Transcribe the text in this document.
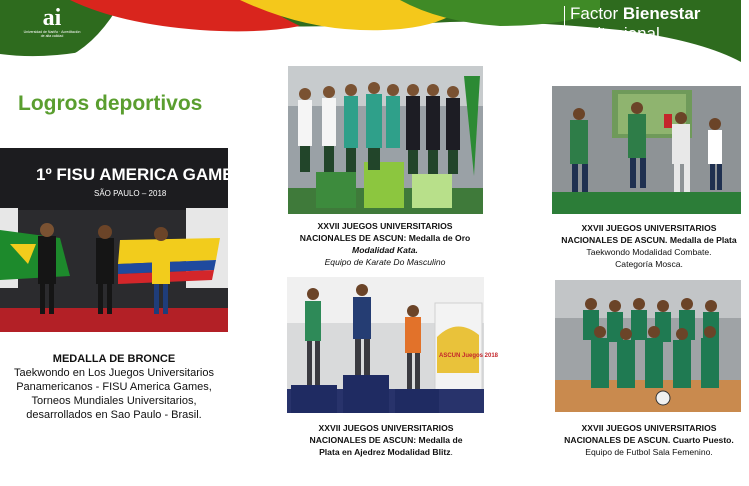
ai
Universidad de Nariño · Acreditación de alta calidad
Factor Bienestar
Institucional
Logros deportivos
1º FISU AMERICA GAMES
SÃO PAULO – 2018
MEDALLA DE BRONCE
Taekwondo en Los Juegos Universitarios
Panamericanos - FISU America Games,
Torneos Mundiales Universitarios,
desarrollados en Sao Paulo - Brasil.
XXVII JUEGOS UNIVERSITARIOS
NACIONALES DE ASCUN: Medalla de Oro
Modalidad Kata.
Equipo de Karate Do Masculino
XXVII JUEGOS UNIVERSITARIOS
NACIONALES DE ASCUN. Medalla de Plata
Taekwondo Modalidad Combate.
Categoría Mosca.
ASCUN Juegos 2018
XXVII JUEGOS UNIVERSITARIOS
NACIONALES DE ASCUN: Medalla de
Plata en Ajedrez Modalidad Blitz.
XXVII JUEGOS UNIVERSITARIOS
NACIONALES DE ASCUN. Cuarto Puesto.
Equipo de Futbol Sala Femenino.
